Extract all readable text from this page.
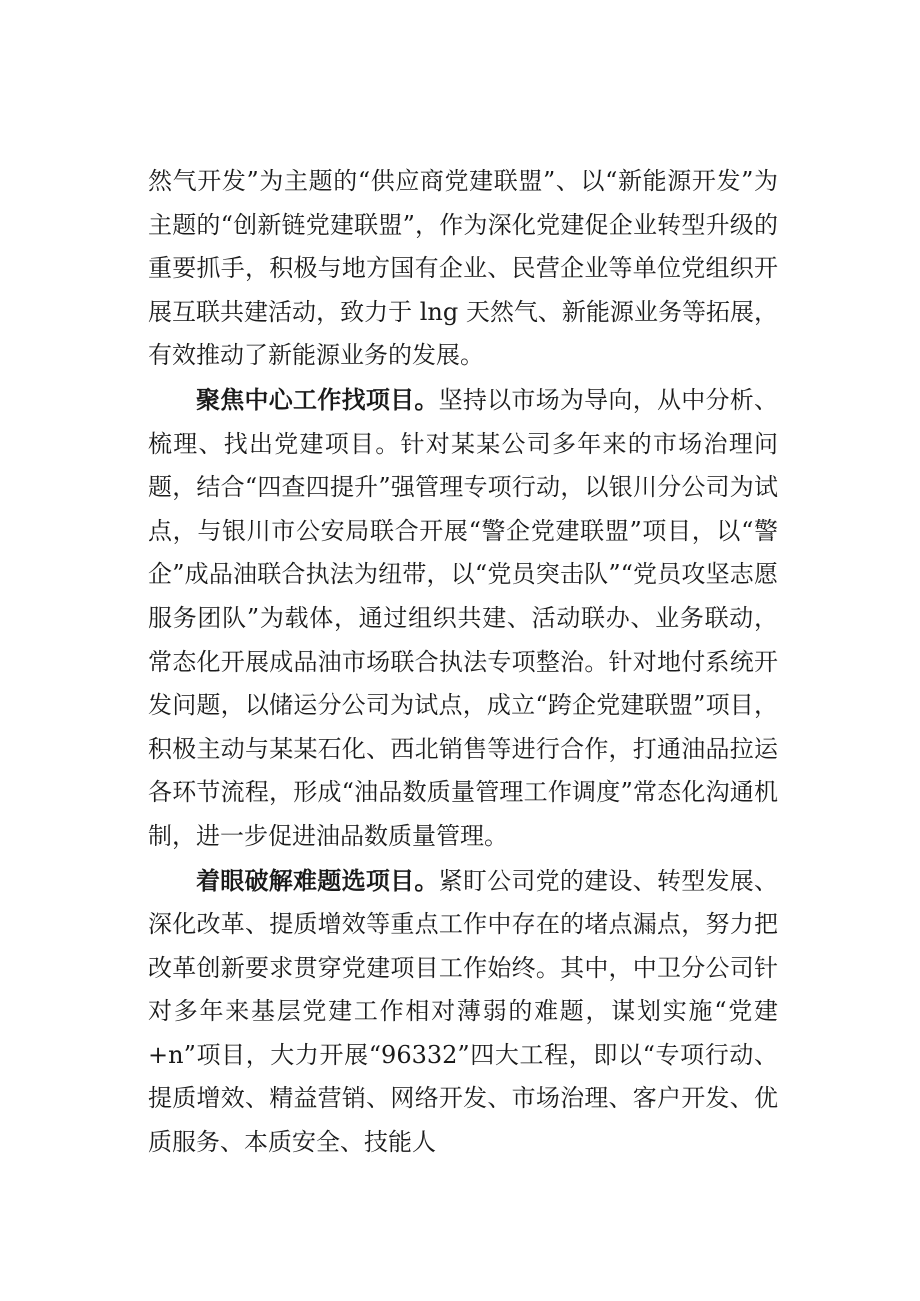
然气开发”为主题的“供应商党建联盟”、以“新能源开发”为主题的“创新链党建联盟”，作为深化党建促企业转型升级的重要抓手，积极与地方国有企业、民营企业等单位党组织开展互联共建活动，致力于 lng 天然气、新能源业务等拓展，有效推动了新能源业务的发展。

聚焦中心工作找项目。坚持以市场为导向，从中分析、梳理、找出党建项目。针对某某公司多年来的市场治理问题，结合“四查四提升”强管理专项行动，以银川分公司为试点，与银川市公安局联合开展“警企党建联盟”项目，以“警企”成品油联合执法为纽带，以“党员突击队”“党员攻坚志愿服务团队”为载体，通过组织共建、活动联办、业务联动，常态化开展成品油市场联合执法专项整治。针对地付系统开发问题，以储运分公司为试点，成立“跨企党建联盟”项目，积极主动与某某石化、西北销售等进行合作，打通油品拉运各环节流程，形成“油品数质量管理工作调度”常态化沟通机制，进一步促进油品数质量管理。

着眼破解难题选项目。紧盯公司党的建设、转型发展、深化改革、提质增效等重点工作中存在的堵点漏点，努力把改革创新要求贯穿党建项目工作始终。其中，中卫分公司针对多年来基层党建工作相对薄弱的难题，谋划实施“党建+n”项目，大力开展“96332”四大工程，即以“专项行动、提质增效、精益营销、网络开发、市场治理、客户开发、优质服务、本质安全、技能人
